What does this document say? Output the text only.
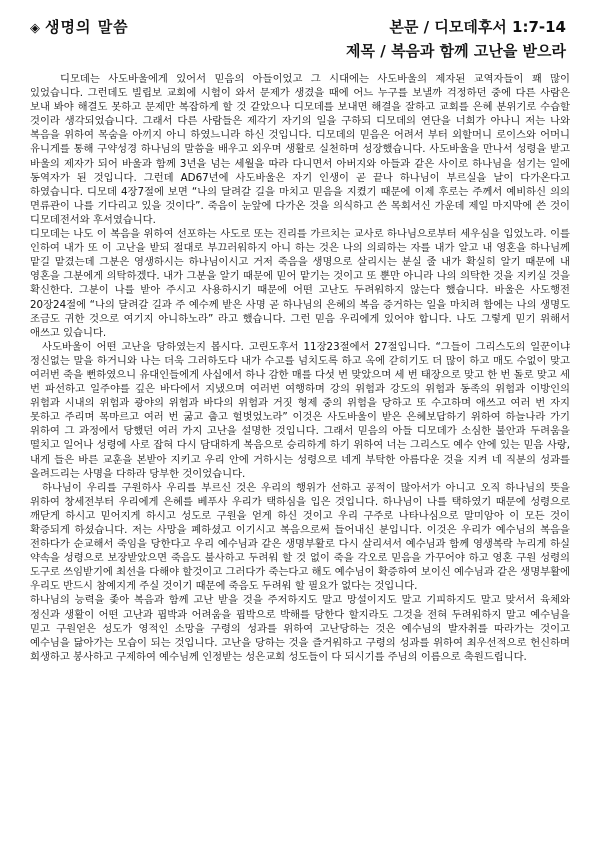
◈ 생명의 말씀	본문 / 디모데후서 1:7-14
제목 / 복음과 함께 고난을 받으라

디모데는 사도바울에게 있어서 믿음의 아들이었고 그 시대에는 사도바울의 제자된 교역자들이 꽤 많이 있었습니다. 그런데도 빌립보 교회에 시험이 와서 문제가 생겼을 때에 어느 누구를 보낼까 걱정하던 중에 다른 사람은 보내 봐야 해결도 못하고 문제만 복잡하게 할 것 같았으나 디모데를 보내면 해결을 잘하고 교회를 은혜 분위기로 수습할 것이라 생각되었습니다. 그래서 다른 사람들은 제각기 자기의 일을 구하되 디모데의 연단을 너희가 아나니 저는 나와 복음을 위하여 목숨을 아끼지 아니 하였느니라 하신 것입니다. 디모데의 믿음은 어려서 부터 외할머니 로이스와 어머니 유니게를 통해 구약성경 하나님의 말씀을 배우고 외우며 생활로 실천하며 성장했습니다. 사도바울을 만나서 성령을 받고 바울의 제자가 되어 바울과 함께 3년을 넘는 세월을 따라 다니면서 아버지와 아들과 같은 사이로 하나님을 섬기는 일에 동역자가 된 것입니다. 그런데 AD67년에 사도바울은 자기 인생이 곧 끝나 하나님이 부르실을 날이 다가온다고 하였습니다. 디모데 4장7절에 보면 “나의 달려갈 길을 마치고 믿음을 지켰기 때문에 이제 후로는 주께서 예비하신 의의 면류관이 나를 기다리고 있을 것이다”. 죽음이 눈앞에 다가온 것을 의식하고 쓴 목회서신 가운데 제일 마지막에 쓴 것이 디모데전서와 후서였습니다.

디모데는 나도 이 복음을 위하여 선포하는 사도로 또는 진리를 가르치는 교사로 하나님으로부터 세우심을 입었노라. 이를 인하여 내가 또 이 고난을 받되 절대로 부끄러워하지 아니 하는 것은 나의 의뢰하는 자를 내가 알고 내 영혼을 하나님께 맡길 맡겼는데 그분은 영생하시는 하나님이시고 거저 죽음을 생명으로 살리시는 분실 줄 내가 확실히 알기 때문에 내 영혼을 그분에게 의탁하겠다. 내가 그분을 알기 때문에 믿어 맡기는 것이고 또 뿐만 아니라 나의 의탁한 것을 지키실 것을 확신한다. 그분이 나를 받아 주시고 사용하시기 때문에 어떤 고난도 두려워하지 않는다 했습니다. 바울은 사도행전 20장24절에 “나의 달려갈 길과 주 예수께 받은 사명 곧 하나님의 은혜의 복음 증거하는 일을 마치려 함에는 나의 생명도 조금도 귀한 것으로 여기지 아니하노라” 라고 했습니다. 그런 믿음 우리에게 있어야 합니다. 나도 그렇게 믿기 위해서 애쓰고 있습니다.

사도바울이 어떤 고난을 당하였는지 봅시다. 고린도후서 11장23절에서 27절입니다. “그들이 그리스도의 일꾼이냐 정신없는 말을 하거니와 나는 더욱 그러하도다 내가 수고를 넘치도록 하고 옥에 갇히기도 더 많이 하고 매도 수없이 맞고 여러번 죽을 뻔하였으니 유대인들에게 사십에서 하나 감한 매를 다섯 번 맞았으며 세 번 태장으로 맞고 한 번 돌로 맞고 세 번 파선하고 일주야를 깊은 바다에서 지냈으며 여러번 여행하며 강의 위험과 강도의 위험과 동족의 위험과 이방인의 위험과 시내의 위험과 광야의 위험과 바다의 위험과 거짓 형제 중의 위험을 당하고 또 수고하며 애쓰고 여러 번 자지 못하고 주리며 목마르고 여러 번 굶고 춥고 헐벗었노라” 이것은 사도바울이 받은 은혜보답하기 위하여 하늘나라 가기 위하여 그 과정에서 당했던 여러 가지 고난을 설명한 것입니다. 그래서 믿음의 아들 디모데가 소심한 불안과 두려움을 떨치고 일어나 성령에 사로 잡혀 다시 담대하게 복음으로 승리하게 하기 위하여 너는 그리스도 예수 안에 있는 믿음 사랑, 내게 들은 바른 교훈을 본받아 지키고 우리 안에 거하시는 성령으로 네게 부탁한 아름다운 것을 지켜 네 직분의 성과를 올려드리는 사명을 다하라 당부한 것이었습니다.

하나님이 우리를 구원하사 우리를 부르신 것은 우리의 행위가 선하고 공적이 많아서가 아니고 오직 하나님의 뜻을 위하여 창세전부터 우리에게 은혜를 베푸사 우리가 택하심을 입은 것입니다. 하나님이 나를 택하였기 때문에 성령으로 깨닫게 하시고 믿어지게 하시고 성도로 구원을 얻게 하신 것이고 우리 구주로 나타나심으로 말미암아 이 모든 것이 확증되게 하셨습니다. 저는 사망을 폐하셨고 이기시고 복음으로써 들어내신 분입니다. 이것은 우리가 예수님의 복음을 전하다가 순교해서 죽임을 당한다고 우리 예수님과 같은 생명부활로 다시 살리셔서 예수님과 함께 영생복락 누리게 하실 약속을 성령으로 보장받았으면 죽음도 불사하고 두려워 할 것 없이 죽을 각오로 믿음을 가꾸어야 하고 영혼 구원 성령의 도구로 쓰임받기에 최선을 다해야 할것이고 그러다가 죽는다고 해도 예수님이 확증하여 보이신 예수님과 같은 생명부활에 우리도 반드시 참예지게 주실 것이기 때문에 죽음도 두려워 할 필요가 없다는 것입니다.

하나님의 능력을 좇아 복음과 함께 고난 받을 것을 주저하지도 말고 망설이지도 말고 기피하지도 말고 맞서서 육체와 정신과 생활이 어떤 고난과 핍박과 어려움을 핍박으로 박해를 당한다 할지라도 그것을 전혀 두려워하지 말고 예수님을 믿고 구원얻은 성도가 영적인 소망을 구령의 성과를 위하여 고난당하는 것은 예수님의 발자취를 따라가는 것이고 예수님을 닮아가는 모습이 되는 것입니다. 고난을 당하는 것을 즐거워하고 구령의 성과를 위하여 최우선적으로 헌신하며 희생하고 봉사하고 구제하여 예수님께 인정받는 성은교회 성도들이 다 되시기를 주님의 이름으로 축원드립니다.
